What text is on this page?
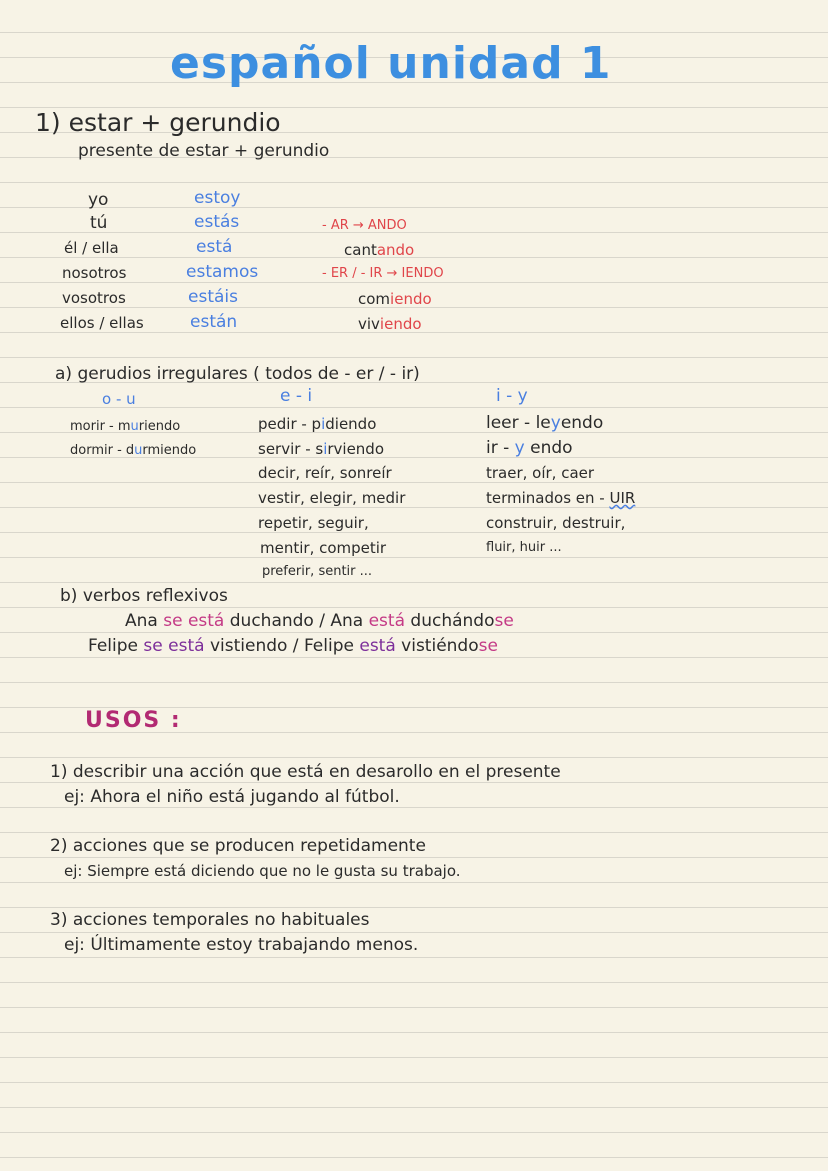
español unidad 1
1) estar + gerundio
presente de estar + gerundio
yo
tú
él / ella
nosotros
vosotros
ellos / ellas
estoy
estás
está
estamos
estáis
están
- AR → ANDO
cantando
- ER / - IR → IENDO
comiendo
viviendo
a) gerudios irregulares ( todos de - er / - ir)
o - u
morir - muriendo
dormir - durmiendo
e - i
pedir - pidiendo
servir - sirviendo
decir, reír, sonreír
vestir, elegir, medir
repetir, seguir,
mentir, competir
preferir, sentir ...
i - y
leer - leyendo
ir - y endo
traer, oír, caer
terminados en - UIR
construir, destruir,
fluir, huir ...
b) verbos reflexivos
Ana se está duchando / Ana está duchándose
Felipe se está vistiendo / Felipe está vistiéndose
USOS :
1) describir una acción que está en desarollo en el presente
ej: Ahora el niño está jugando al fútbol.
2) acciones que se producen repetidamente
ej: Siempre está diciendo que no le gusta su trabajo.
3) acciones temporales no habituales
ej: Últimamente estoy trabajando menos.
